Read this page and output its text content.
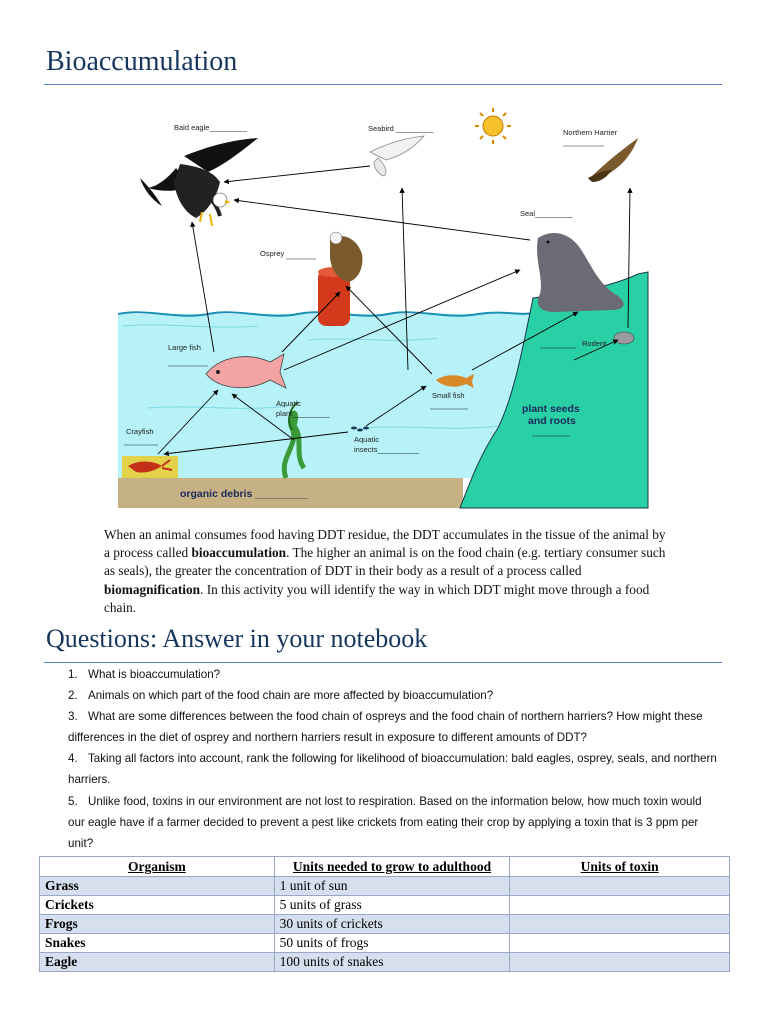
Bioaccumulation
Bald eagle_________	Seabird _________	Northern Harrier
Seal_________
Osprey
Large fish
Small fish
Aquatic
plant_________
Aquatic
insects__________
Crayfish
Rodent
plant seeds
and roots
organic debris _________

When an animal consumes food having DDT residue, the DDT accumulates in the tissue of the animal by a process called bioaccumulation. The higher an animal is on the food chain (e.g. tertiary consumer such as seals), the greater the concentration of DDT in their body as a result of a process called biomagnification. In this activity you will identify the way in which DDT might move through a food chain.

Questions: Answer in your notebook
1. What is bioaccumulation?
2. Animals on which part of the food chain are more affected by bioaccumulation?
3. What are some differences between the food chain of ospreys and the food chain of northern harriers? How might these differences in the diet of osprey and northern harriers result in exposure to different amounts of DDT?
4. Taking all factors into account, rank the following for likelihood of bioaccumulation: bald eagles, osprey, seals, and northern harriers.
5. Unlike food, toxins in our environment are not lost to respiration. Based on the information below, how much toxin would our eagle have if a farmer decided to prevent a pest like crickets from eating their crop by applying a toxin that is 3 ppm per unit?
Organism	Units needed to grow to adulthood	Units of toxin
Grass	1 unit of sun	
Crickets	5 units of grass	
Frogs	30 units of crickets	
Snakes	50 units of frogs	
Eagle	100 units of snakes	
